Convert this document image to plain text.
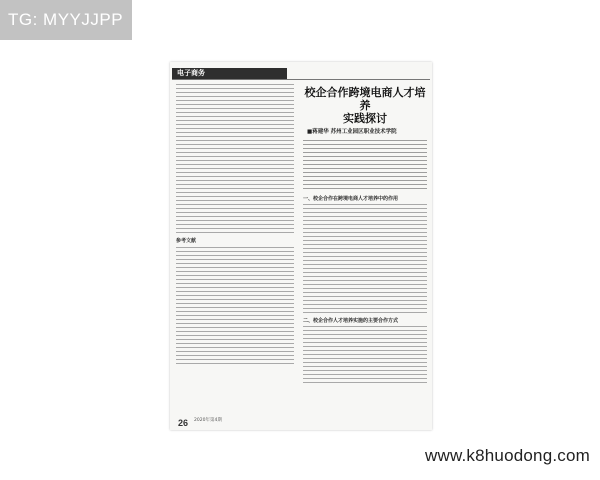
TG: MYYJJPP
电子商务
参考文献
校企合作跨境电商人才培养
实践探讨
■蒋建华 苏州工业园区职业技术学院
一、校企合作在跨境电商人才培养中的作用
二、校企合作人才培养实施的主要合作方式
26 2020年第4期
www.k8huodong.com
